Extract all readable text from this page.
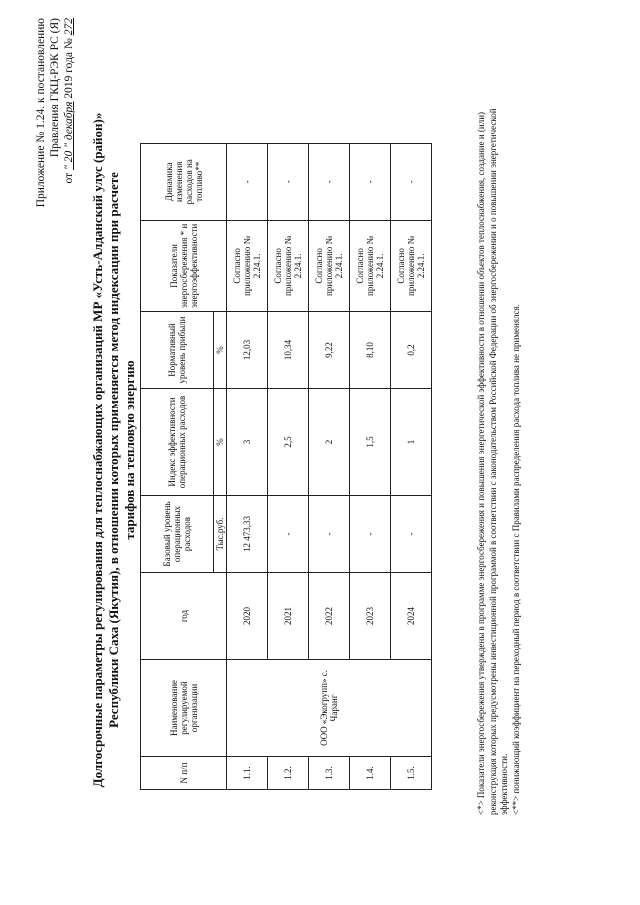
Приложение № 1.24. к постановлению Правления ГКЦ-РЭК РС (Я)
от " 20 " декабря 2019 года № 272
Долгосрочные параметры регулирования для теплоснабжающих организаций МР «Усть-Алданский улус (район)» Республики Саха (Якутия), в отношении которых применяется метод индексации при расчете тарифов на тепловую энергию
N п/п	Наименование регулируемой организации	год	Базовый уровень операционных расходов	Индекс эффективности операционных расходов	Нормативный уровень прибыли	Показатели энергосбережения * и энергоэффективности	Динамика изменения расходов на топливо**
			Тыс.руб.	%	%		
1.1.	ООО «Экогрупп» с. Чаранг	2020	12 473,33	3	12,03	Согласно приложению № 2.24.1.	-
1.2.		2021	-	2,5	10,34	Согласно приложению № 2.24.1.	-
1.3.		2022	-	2	9,22	Согласно приложению № 2.24.1.	-
1.4.		2023	-	1,5	8,10	Согласно приложению № 2.24.1.	-
1.5.		2024	-	1	0,2	Согласно приложению № 2.24.1.	-	<*> Показатели энергосбережения утверждены в программе энергосбережения и повышения энергетической эффективности в отношении объектов теплоснабжения, создание и (или) реконструкция которых предусмотрены инвестиционной программой в соответствии с законодательством Российской Федерации об энергосбережении и о повышении энергетической эффективности. <**> понижающий коэффициент на переходный период в соответствии с Правилами распределения расхода топлива не применялся.
